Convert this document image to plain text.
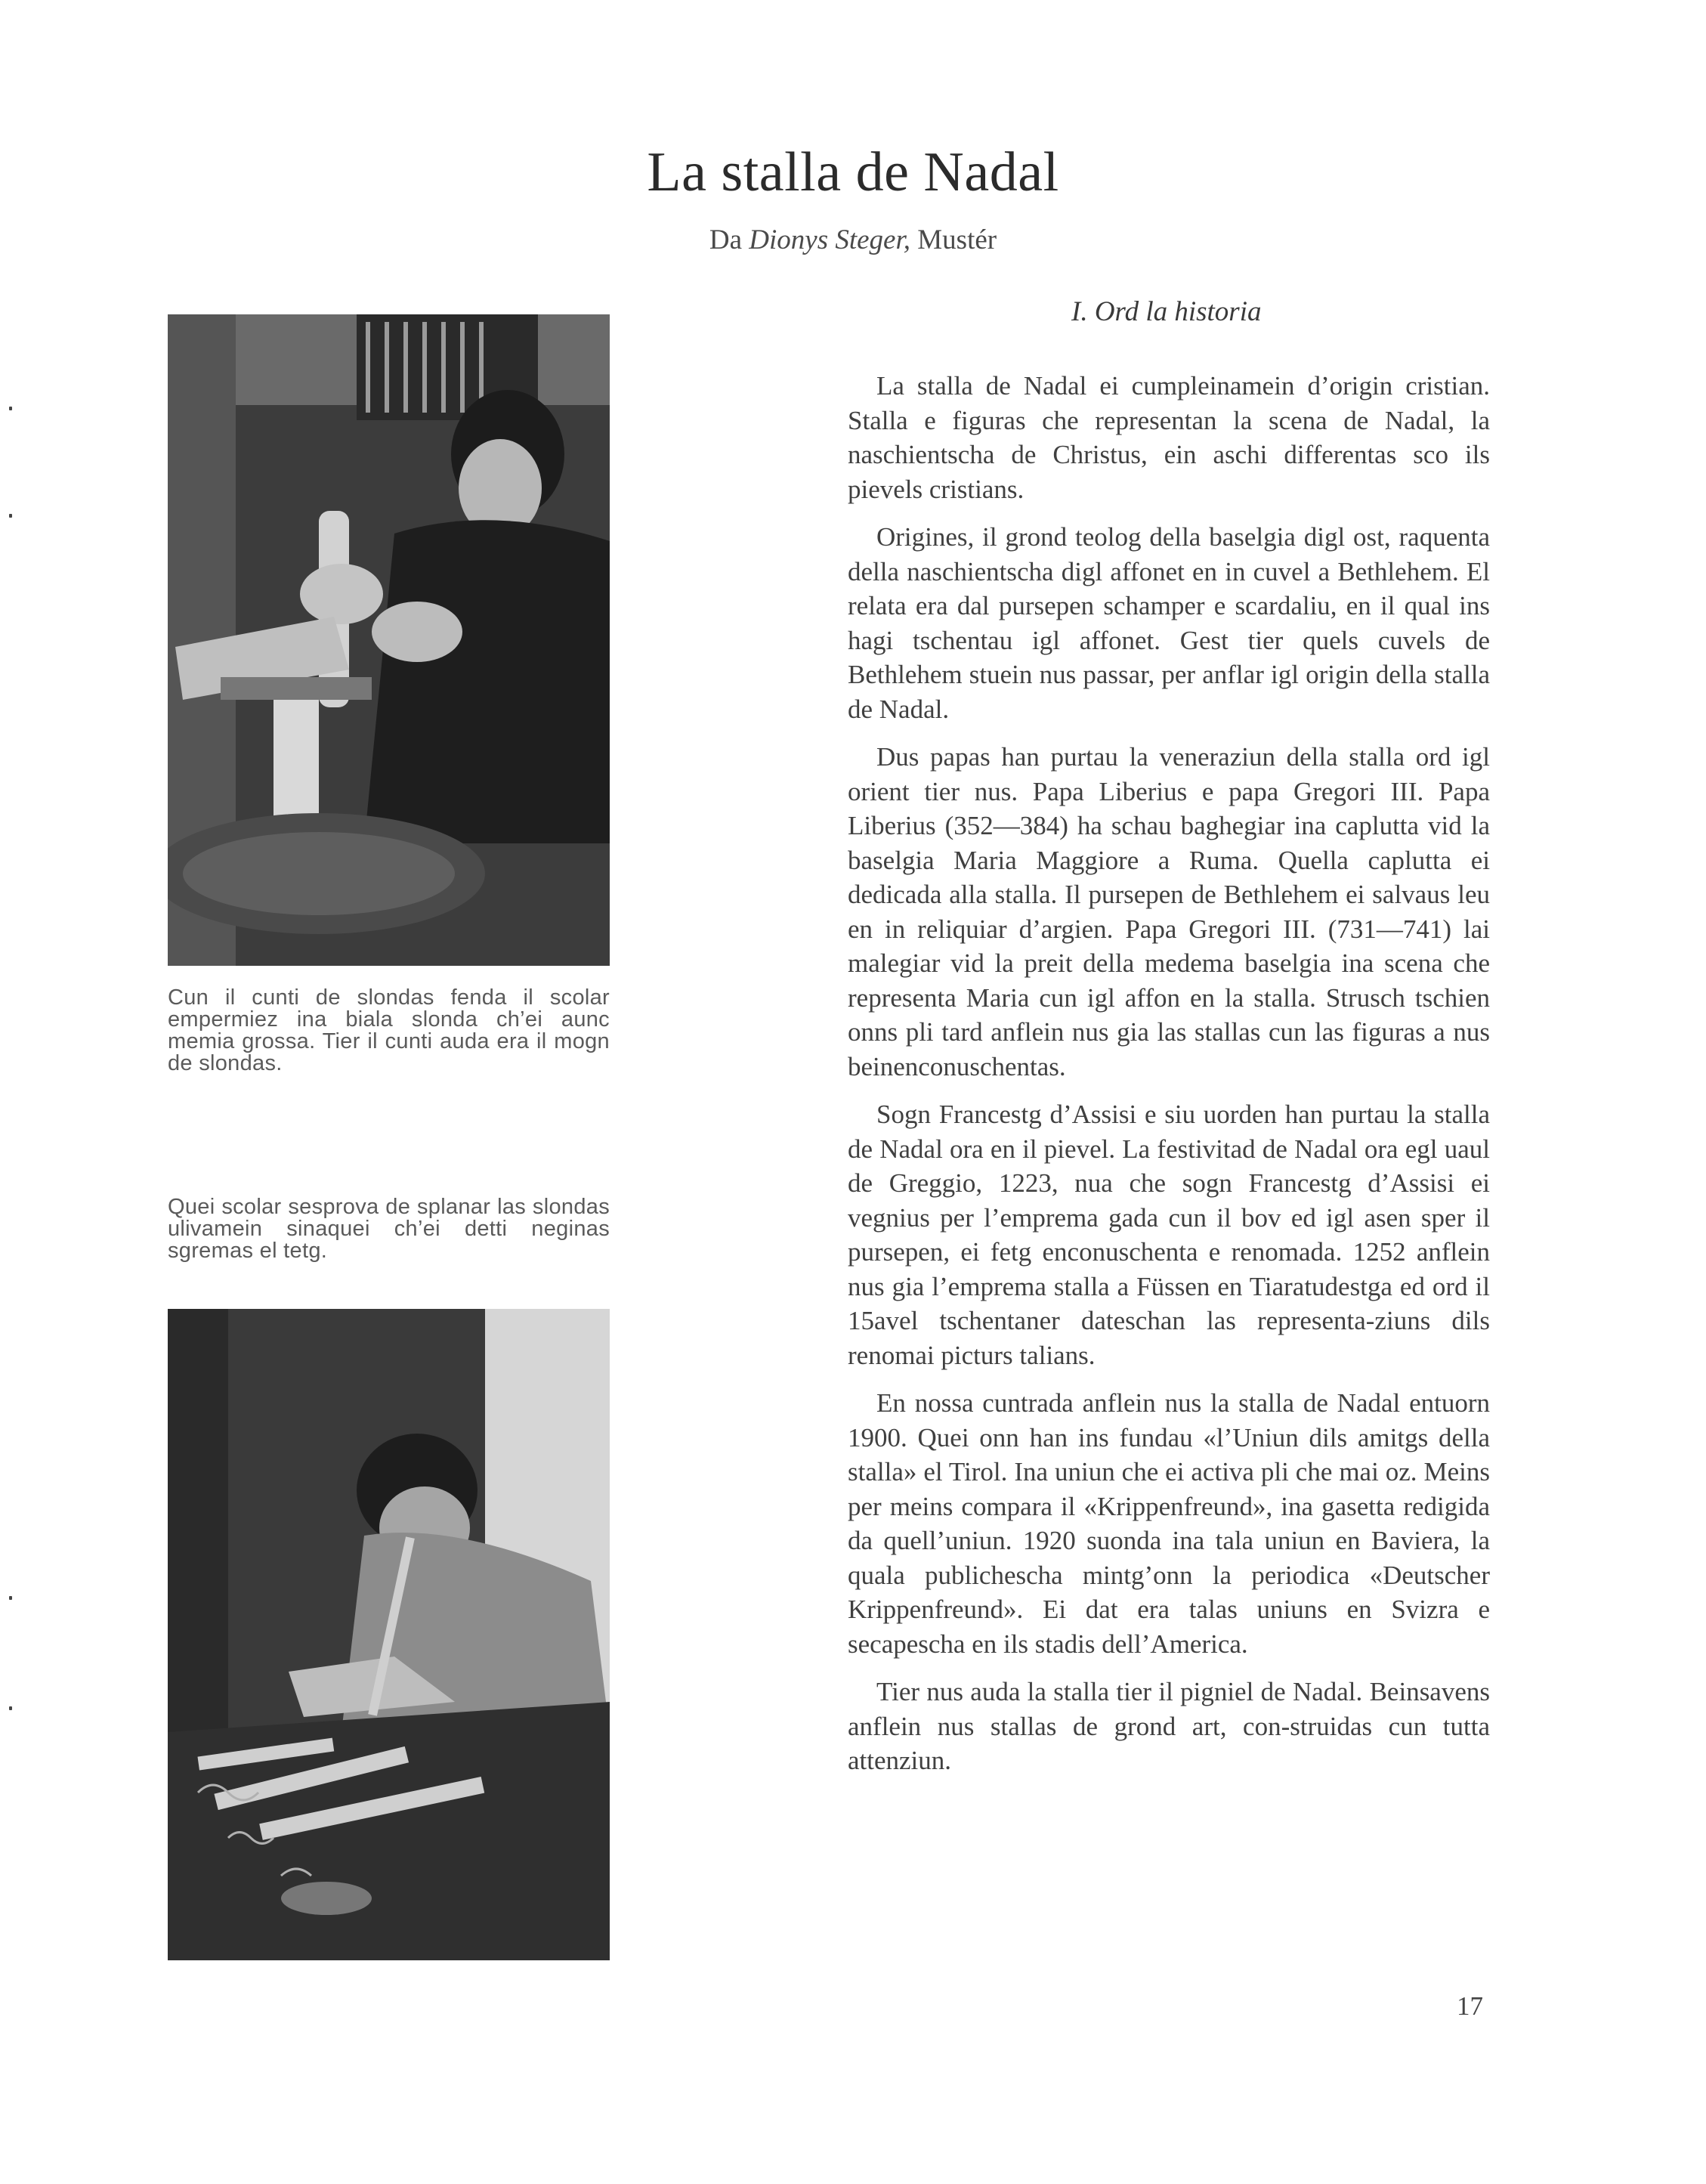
La stalla de Nadal
Da Dionys Steger, Mustér
I. Ord la historia
Cun il cunti de slondas fenda il scolar empermiez ina biala slonda ch’ei aunc memia grossa. Tier il cunti auda era il mogn de slondas.
Quei scolar sesprova de splanar las slondas ulivamein sinaquei ch’ei detti neginas sgremas el tetg.

La stalla de Nadal ei cumpleinamein d’origin cristian. Stalla e figuras che representan la scena de Nadal, la naschientscha de Christus, ein aschi differentas sco ils pievels cristians.

Origines, il grond teolog della baselgia digl ost, raquenta della naschientscha digl affonet en in cuvel a Bethlehem. El relata era dal pursepen schamper e scardaliu, en il qual ins hagi tschentau igl affonet. Gest tier quels cuvels de Bethlehem stuein nus passar, per anflar igl origin della stalla de Nadal.

Dus papas han purtau la veneraziun della stalla ord igl orient tier nus. Papa Liberius e papa Gregori III. Papa Liberius (352—384) ha schau baghegiar ina caplutta vid la baselgia Maria Maggiore a Ruma. Quella caplutta ei dedicada alla stalla. Il pursepen de Bethlehem ei salvaus leu en in reliquiar d’argien. Papa Gregori III. (731—741) lai malegiar vid la preit della medema baselgia ina scena che representa Maria cun igl affon en la stalla. Strusch tschien onns pli tard anflein nus gia las stallas cun las figuras a nus beinenconuschentas.

Sogn Francestg d’Assisi e siu uorden han purtau la stalla de Nadal ora en il pievel. La festivitad de Nadal ora egl uaul de Greggio, 1223, nua che sogn Francestg d’Assisi ei vegnius per l’emprema gada cun il bov ed igl asen sper il pursepen, ei fetg enconuschenta e renomada. 1252 anflein nus gia l’emprema stalla a Füssen en Tiaratudestga ed ord il 15avel tschentaner dateschan las representa-ziuns dils renomai picturs talians.

En nossa cuntrada anflein nus la stalla de Nadal entuorn 1900. Quei onn han ins fundau «l’Uniun dils amitgs della stalla» el Tirol. Ina uniun che ei activa pli che mai oz. Meins per meins compara il «Krippenfreund», ina gasetta redigida da quell’uniun. 1920 suonda ina tala uniun en Baviera, la quala publichescha mintg’onn la periodica «Deutscher Krippenfreund». Ei dat era talas uniuns en Svizra e secapescha en ils stadis dell’America.

Tier nus auda la stalla tier il pigniel de Nadal. Beinsavens anflein nus stallas de grond art, con-struidas cun tutta attenziun.

17
